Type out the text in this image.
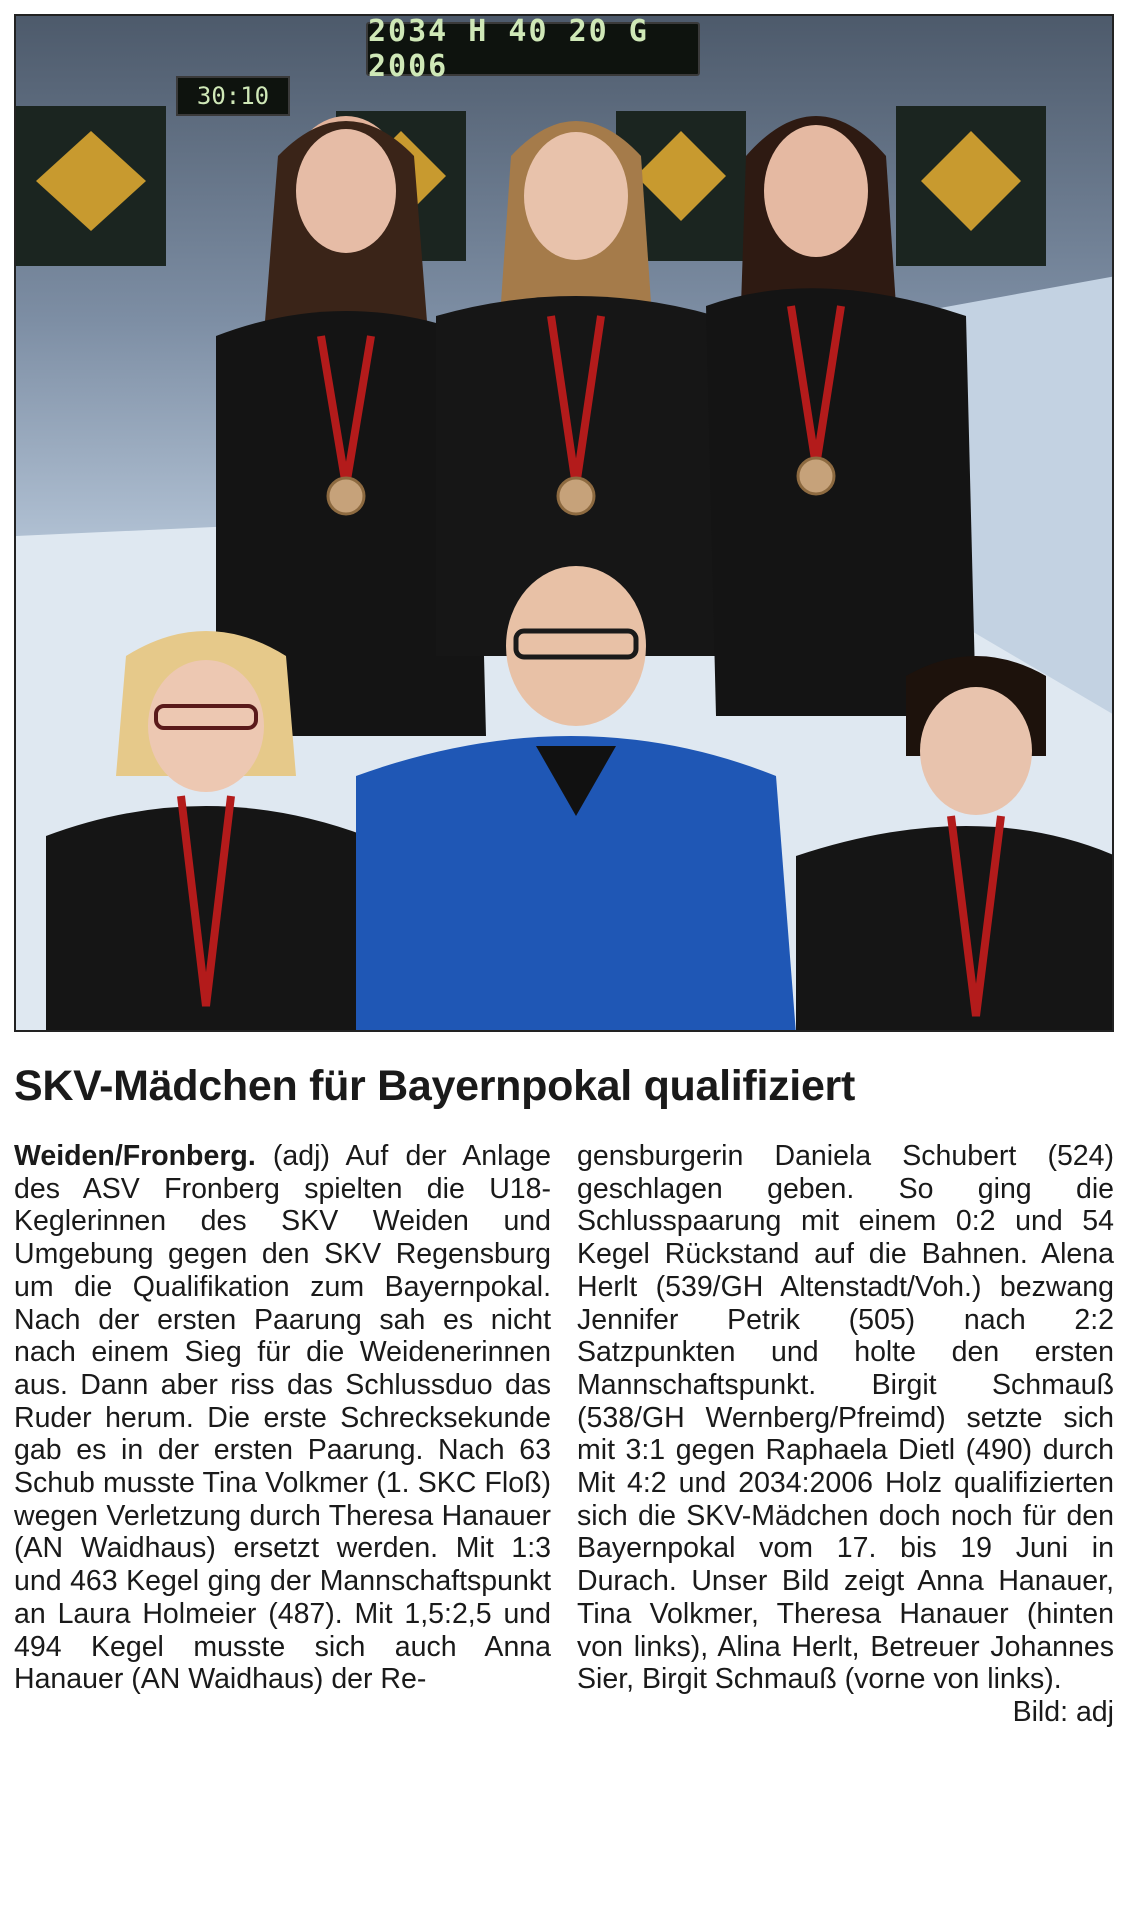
2034 H 40 20 G 2006
30:10
SKV-Mädchen für Bayernpokal qualifiziert
Weiden/Fronberg. (adj) Auf der Anlage des ASV Fronberg spielten die U18-Keglerinnen des SKV Weiden und Umgebung gegen den SKV Regensburg um die Qualifikation zum Bayernpokal. Nach der ersten Paarung sah es nicht nach einem Sieg für die Weidenerinnen aus. Dann aber riss das Schlussduo das Ruder herum. Die erste Schrecksekunde gab es in der ersten Paarung. Nach 63 Schub musste Tina Volkmer (1. SKC Floß) wegen Verletzung durch Theresa Hanauer (AN Waidhaus) ersetzt werden. Mit 1:3 und 463 Kegel ging der Mannschaftspunkt an Laura Holmeier (487). Mit 1,5:2,5 und 494 Kegel musste sich auch Anna Hanauer (AN Waidhaus) der Re-
gensburgerin Daniela Schubert (524) geschlagen geben. So ging die Schlusspaarung mit einem 0:2 und 54 Kegel Rückstand auf die Bahnen. Alena Herlt (539/GH Altenstadt/Voh.) bezwang Jennifer Petrik (505) nach 2:2 Satzpunkten und holte den ersten Mannschaftspunkt. Birgit Schmauß (538/GH Wernberg/Pfreimd) setzte sich mit 3:1 gegen Raphaela Dietl (490) durch Mit 4:2 und 2034:2006 Holz qualifizierten sich die SKV-Mädchen doch noch für den Bayernpokal vom 17. bis 19 Juni in Durach. Unser Bild zeigt Anna Hanauer, Tina Volkmer, Theresa Hanauer (hinten von links), Alina Herlt, Betreuer Johannes Sier, Birgit Schmauß (vorne von links).
Bild: adj
